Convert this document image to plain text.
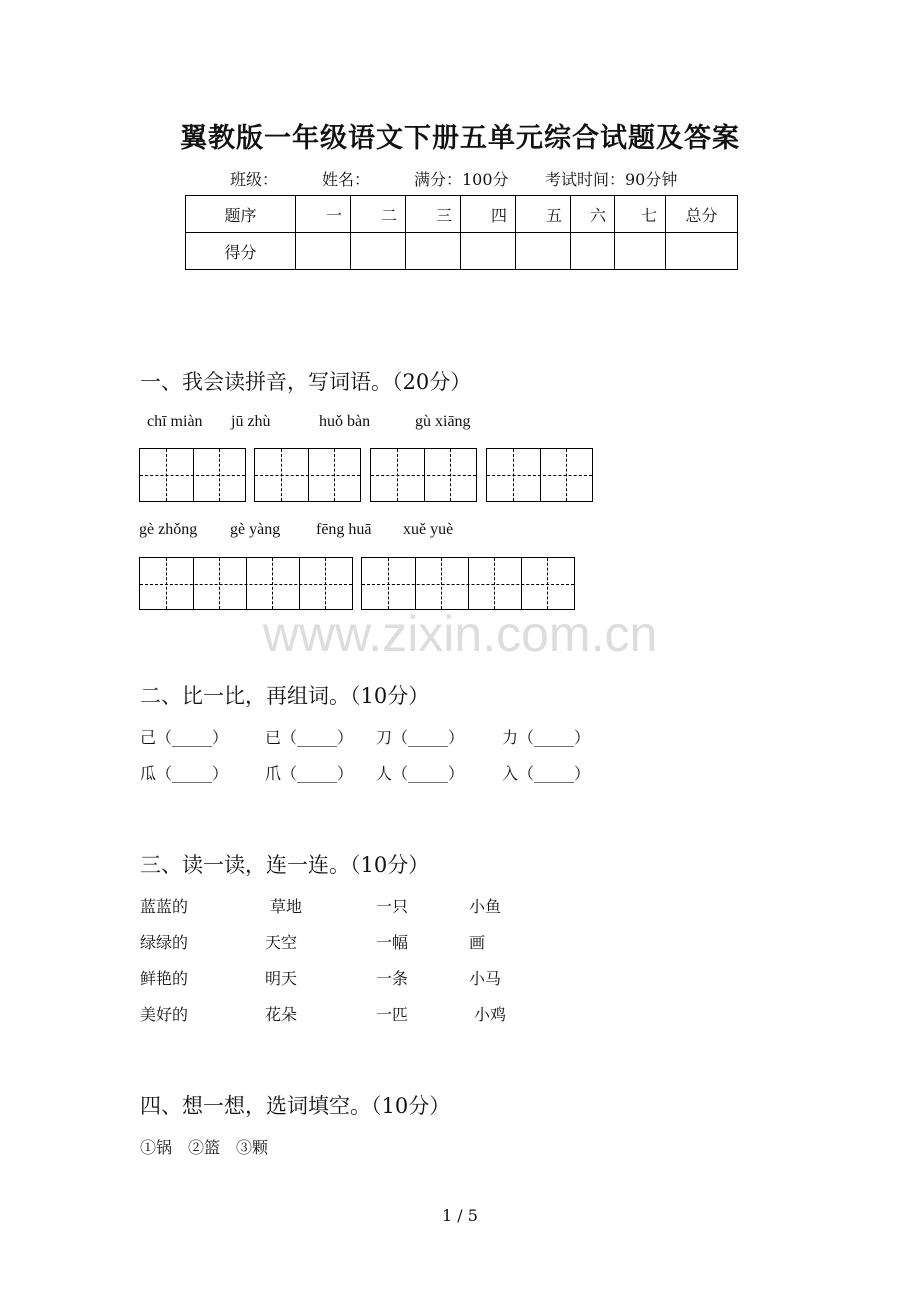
翼教版一年级语文下册五单元综合试题及答案
班级：	姓名：	满分：100分 考试时间：90分钟
题序	一	二	三	四	五	六	七	总分
得分								
一、我会读拼音，写词语。（20分）
chī miàn jū zhù	huǒ bàn	gù xiāng
gè zhǒng gè yàng fēng huā xuě yuè
www.zixin.com.cn
二、比一比，再组词。（10分）
己（_____） 已（_____） 刀（_____） 力（_____）
瓜（_____） 爪（_____） 人（_____） 入（_____）
三、读一读，连一连。（10分）
蓝蓝的	草地	一只	小鱼
绿绿的	天空	一幅	画
鲜艳的	明天	一条	小马
美好的	花朵	一匹	小鸡
四、想一想，选词填空。（10分）
①锅　②篮　③颗
1 / 5
